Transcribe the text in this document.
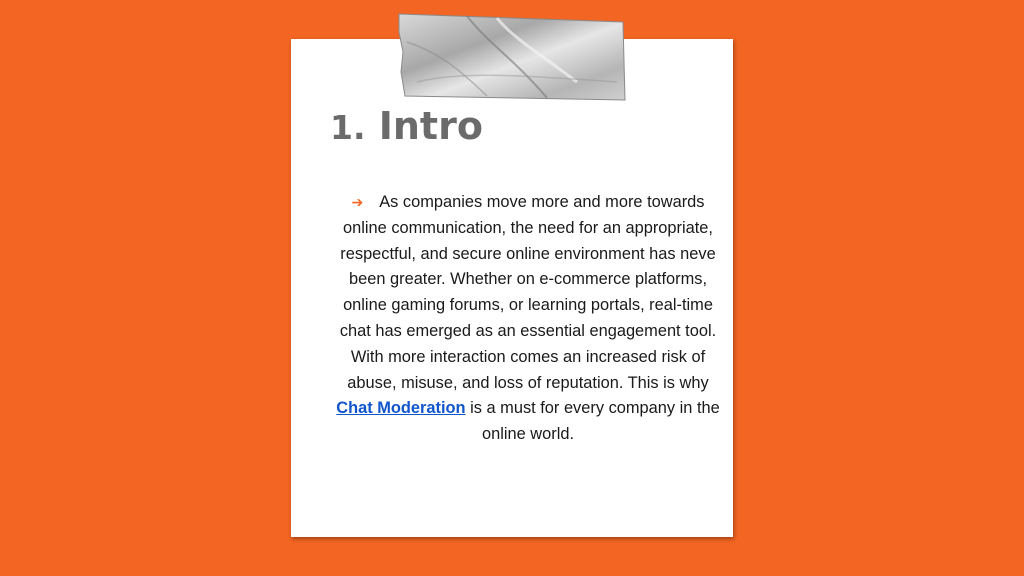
1. Intro

➔ As companies move more and more towards online communication, the need for an appropriate, respectful, and secure online environment has neve been greater. Whether on e-commerce platforms, online gaming forums, or learning portals, real-time chat has emerged as an essential engagement tool. With more interaction comes an increased risk of abuse, misuse, and loss of reputation. This is why Chat Moderation is a must for every company in the online world.
